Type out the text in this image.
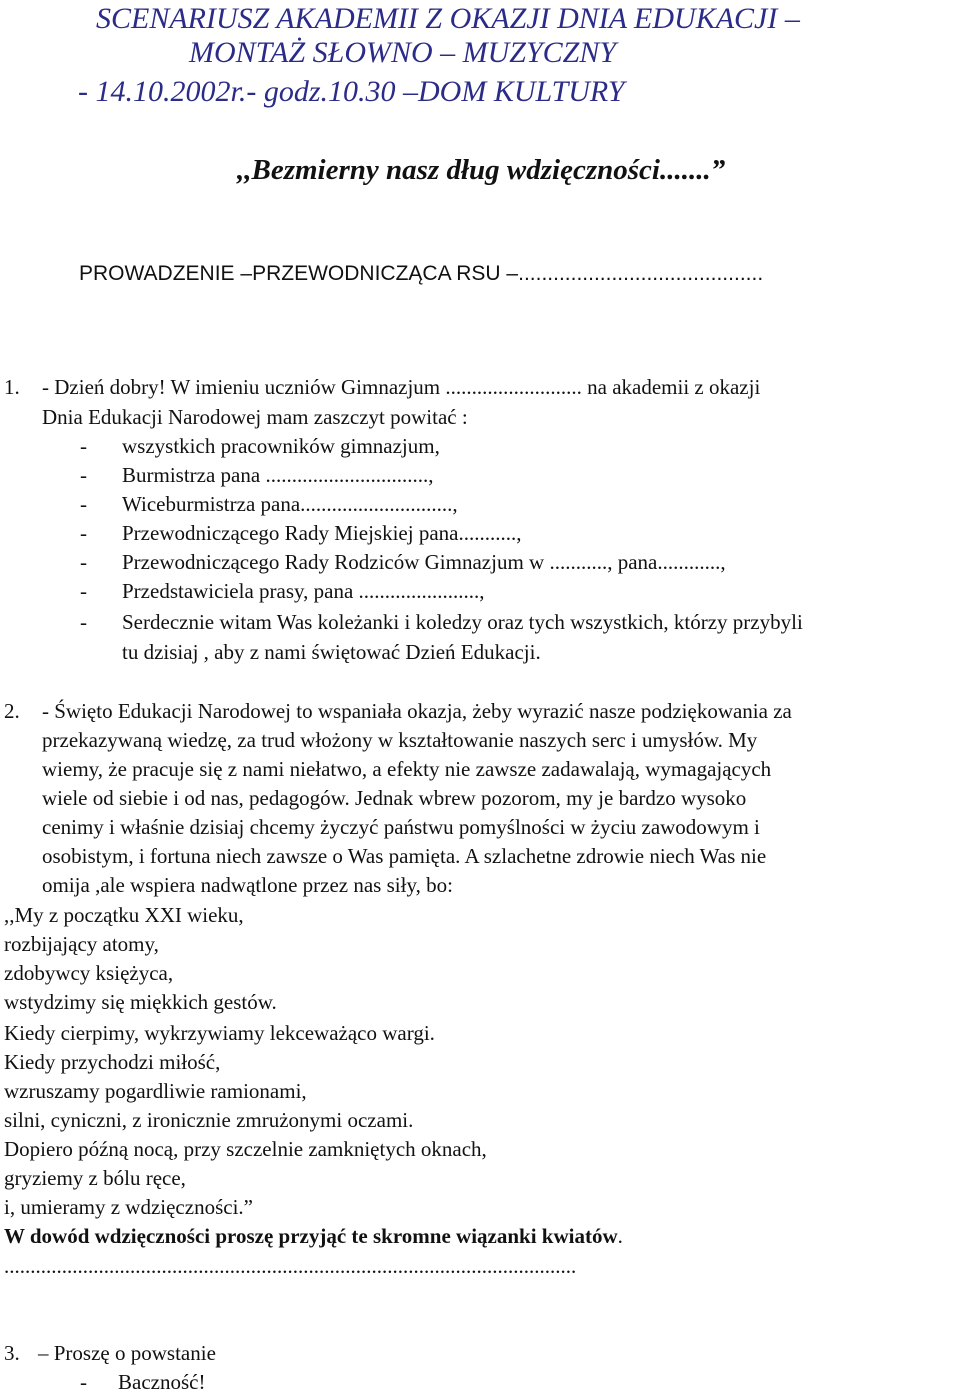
SCENARIUSZ AKADEMII Z OKAZJI DNIA EDUKACJI –
MONTAŻ SŁOWNO – MUZYCZNY
- 14.10.2002r.- godz.10.30 –DOM KULTURY
,,Bezmierny nasz dług wdzięczności.......”
PROWADZENIE –PRZEWODNICZĄCA RSU –..........................................
1. - Dzień dobry! W imieniu uczniów Gimnazjum .......................... na akademii z okazji
Dnia Edukacji Narodowej mam zaszczyt powitać :
- wszystkich pracowników gimnazjum,
- Burmistrza pana ...............................,
- Wiceburmistrza pana.............................,
- Przewodniczącego Rady Miejskiej pana...........,
- Przewodniczącego Rady Rodziców Gimnazjum w ..........., pana............,
- Przedstawiciela prasy, pana .......................,
- Serdecznie witam Was koleżanki i koledzy oraz tych wszystkich, którzy przybyli
tu dzisiaj , aby z nami świętować Dzień Edukacji.
2. - Święto Edukacji Narodowej to wspaniała okazja, żeby wyrazić nasze podziękowania za
przekazywaną wiedzę, za trud włożony w kształtowanie naszych serc i umysłów. My
wiemy, że pracuje się z nami niełatwo, a efekty nie zawsze zadawalają, wymagających
wiele od siebie i od nas, pedagogów. Jednak wbrew pozorom, my je bardzo wysoko
cenimy i właśnie dzisiaj chcemy życzyć państwu pomyślności w życiu zawodowym i
osobistym, i fortuna niech zawsze o Was pamięta. A szlachetne zdrowie niech Was nie
omija ,ale wspiera nadwątlone przez nas siły, bo:
,,My z początku XXI wieku,
rozbijający atomy,
zdobywcy księżyca,
wstydzimy się miękkich gestów.
Kiedy cierpimy, wykrzywiamy lekceważąco wargi.
Kiedy przychodzi miłość,
wzruszamy pogardliwie ramionami,
silni, cyniczni, z ironicznie zmrużonymi oczami.
Dopiero późną nocą, przy szczelnie zamkniętych oknach,
gryziemy z bólu ręce,
i, umieramy z wdzięczności.”
W dowód wdzięczności proszę przyjąć te skromne wiązanki kwiatów.
.............................................................................................................
3. – Proszę o powstanie
- Baczność!
